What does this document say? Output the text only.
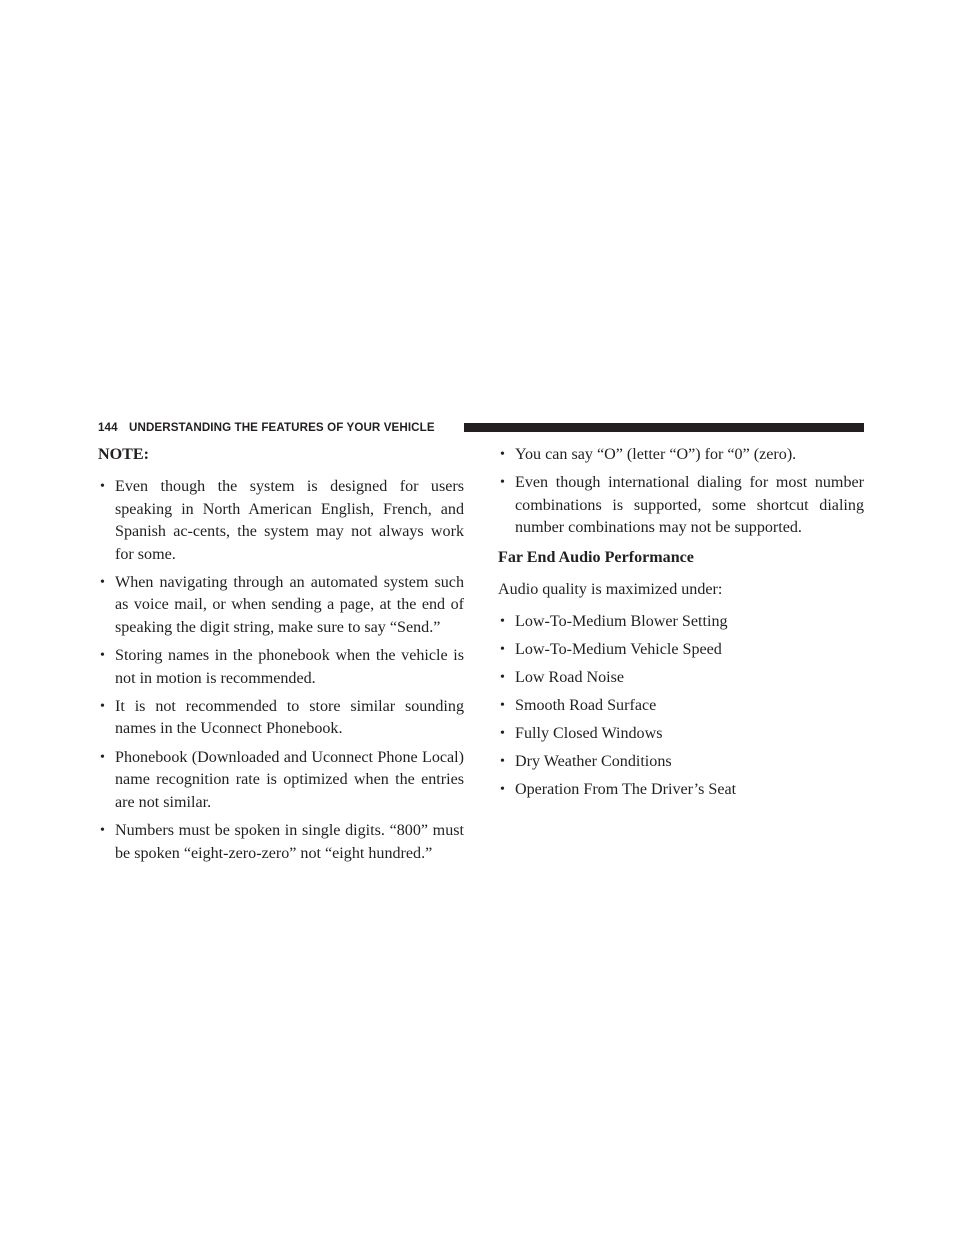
144 UNDERSTANDING THE FEATURES OF YOUR VEHICLE
NOTE:
• Even though the system is designed for users speaking in North American English, French, and Spanish ac-cents, the system may not always work for some.
• When navigating through an automated system such as voice mail, or when sending a page, at the end of speaking the digit string, make sure to say “Send.”
• Storing names in the phonebook when the vehicle is not in motion is recommended.
• It is not recommended to store similar sounding names in the Uconnect Phonebook.
• Phonebook (Downloaded and Uconnect Phone Local) name recognition rate is optimized when the entries are not similar.
• Numbers must be spoken in single digits. “800” must be spoken “eight-zero-zero” not “eight hundred.”
• You can say “O” (letter “O”) for “0” (zero).
• Even though international dialing for most number combinations is supported, some shortcut dialing number combinations may not be supported.
Far End Audio Performance
Audio quality is maximized under:
• Low-To-Medium Blower Setting
• Low-To-Medium Vehicle Speed
• Low Road Noise
• Smooth Road Surface
• Fully Closed Windows
• Dry Weather Conditions
• Operation From The Driver’s Seat
